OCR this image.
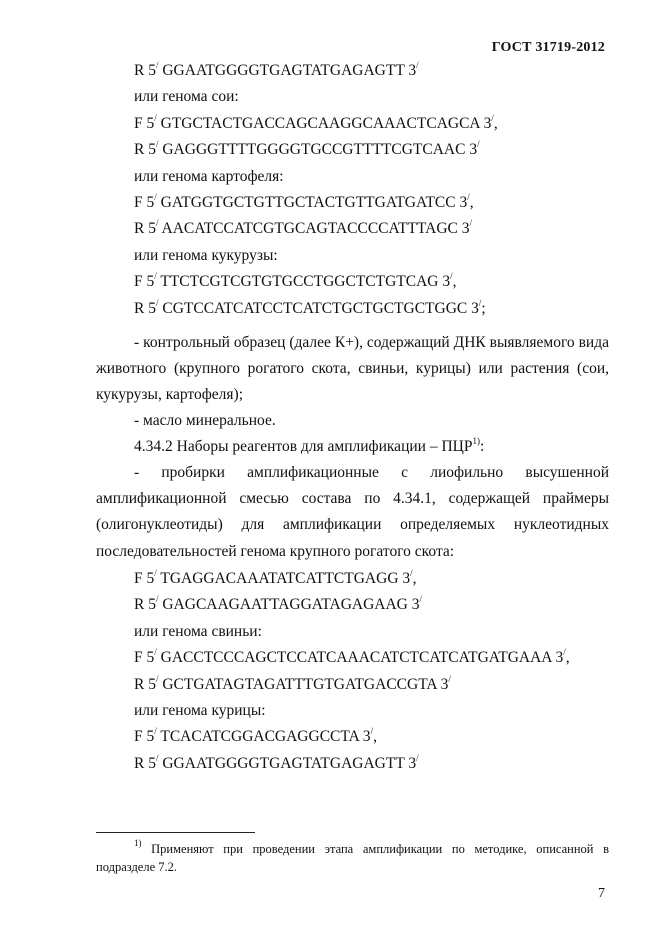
ГОСТ 31719-2012
R 5/ GGAATGGGGTGAGTATGAGAGTT 3/
или генома сои:
F 5/ GTGCTACTGACCAGCAAGGCAAACTCAGCA 3/,
R 5/ GAGGGTTTTGGGGTGCCGTTTTCGTCAAC 3/
или генома картофеля:
F 5/ GATGGTGCTGTTGCTACTGTTGATGATCC 3/,
R 5/ AACATCCATCGTGCAGTACCCCATTTAGC 3/
или генома кукурузы:
F 5/ TTCTCGTCGTGTGCCTGGCTCTGTCAG 3/,
R 5/ CGTCCATCATCCTCATCTGCTGCTGCTGGC 3/;
- контрольный образец (далее К+), содержащий ДНК выявляемого вида животного (крупного рогатого скота, свиньи, курицы) или растения (сои, кукурузы, картофеля);
- масло минеральное.
4.34.2 Наборы реагентов для амплификации – ПЦР$^{1)}$:
- пробирки амплификационные с лиофильно высушенной амплификационной смесью состава по 4.34.1, содержащей праймеры (олигонуклеотиды) для амплификации определяемых нуклеотидных последовательностей генома крупного рогатого скота:
F 5/ TGAGGACAAATATCATTCTGAGG 3/,
R 5/ GAGCAAGAATTAGGATAGAGAAG 3/
или генома свиньи:
F 5/ GACCTCCCAGCTCCATCAAACATCTCATCATGATGAAA 3/,
R 5/ GCTGATAGTAGATTTGTGATGACCGTA 3/
или генома курицы:
F 5/ TCACATCGGACGAGGCCTA 3/,
R 5/ GGAATGGGGTGAGTATGAGAGTT 3/
$^{1)}$ Применяют при проведении этапа амплификации по методике, описанной в подразделе 7.2.
7
